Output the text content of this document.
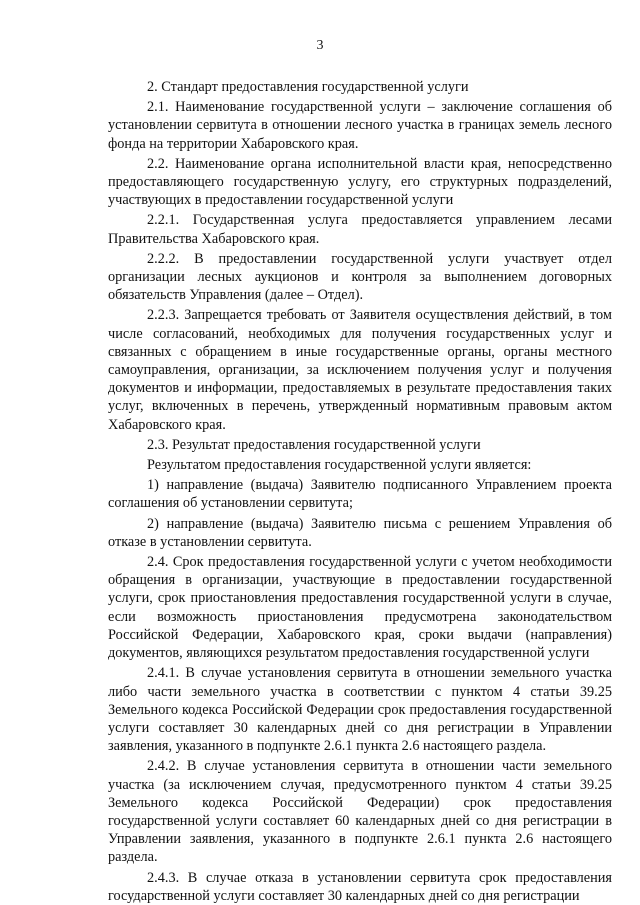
3

2. Стандарт предоставления государственной услуги

2.1. Наименование государственной услуги – заключение соглашения об установлении сервитута в отношении лесного участка в границах земель лесного фонда на территории Хабаровского края.

2.2. Наименование органа исполнительной власти края, непосредственно предоставляющего государственную услугу, его структурных подразделений, участвующих в предоставлении государственной услуги

2.2.1. Государственная услуга предоставляется управлением лесами Правительства Хабаровского края.

2.2.2. В предоставлении государственной услуги участвует отдел организации лесных аукционов и контроля за выполнением договорных обязательств Управления (далее – Отдел).

2.2.3. Запрещается требовать от Заявителя осуществления действий, в том числе согласований, необходимых для получения государственных услуг и связанных с обращением в иные государственные органы, органы местного самоуправления, организации, за исключением получения услуг и получения документов и информации, предоставляемых в результате предоставления таких услуг, включенных в перечень, утвержденный нормативным правовым актом Хабаровского края.

2.3. Результат предоставления государственной услуги

Результатом предоставления государственной услуги является:

1) направление (выдача) Заявителю подписанного Управлением проекта соглашения об установлении сервитута;

2) направление (выдача) Заявителю письма с решением Управления об отказе в установлении сервитута.

2.4. Срок предоставления государственной услуги с учетом необходимости обращения в организации, участвующие в предоставлении государственной услуги, срок приостановления предоставления государственной услуги в случае, если возможность приостановления предусмотрена законодательством Российской Федерации, Хабаровского края, сроки выдачи (направления) документов, являющихся результатом предоставления государственной услуги

2.4.1. В случае установления сервитута в отношении земельного участка либо части земельного участка в соответствии с пунктом 4 статьи 39.25 Земельного кодекса Российской Федерации срок предоставления государственной услуги составляет 30 календарных дней со дня регистрации в Управлении заявления, указанного в подпункте 2.6.1 пункта 2.6 настоящего раздела.

2.4.2. В случае установления сервитута в отношении части земельного участка (за исключением случая, предусмотренного пунктом 4 статьи 39.25 Земельного кодекса Российской Федерации) срок предоставления государственной услуги составляет 60 календарных дней со дня регистрации в Управлении заявления, указанного в подпункте 2.6.1 пункта 2.6 настоящего раздела.

2.4.3. В случае отказа в установлении сервитута срок предоставления государственной услуги составляет 30 календарных дней со дня регистрации
